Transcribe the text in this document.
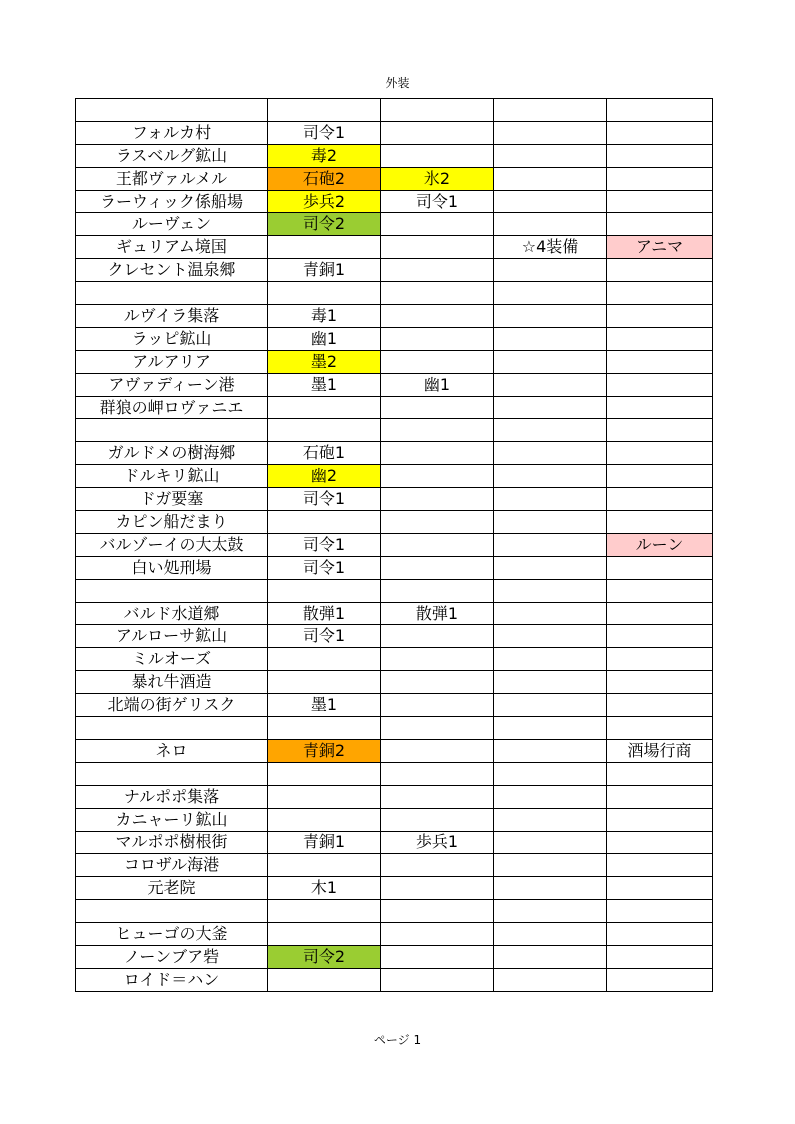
外装

フォルカ村	司令1			
ラスベルグ鉱山	毒2			
王都ヴァルメル	石砲2	氷2		
ラーウィック係船場	歩兵2	司令1		
ルーヴェン	司令2			
ギュリアム境国			☆4装備	アニマ
クレセント温泉郷	青銅1			

ルヴイラ集落	毒1			
ラッピ鉱山	幽1			
アルアリア	墨2			
アヴァディーン港	墨1	幽1		
群狼の岬ロヴァニエ				

ガルドメの樹海郷	石砲1			
ドルキリ鉱山	幽2			
ドガ要塞	司令1			
カピン船だまり				
バルゾーイの大太鼓	司令1			ルーン
白い処刑場	司令1			

バルド水道郷	散弾1	散弾1		
アルローサ鉱山	司令1			
ミルオーズ				
暴れ牛酒造				
北端の街ゲリスク	墨1			

ネロ	青銅2			酒場行商

ナルポポ集落				
カニャーリ鉱山				
マルポポ樹根街	青銅1	歩兵1		
コロザル海港				
元老院	木1			

ヒューゴの大釜				
ノーンブア砦	司令2			
ロイド＝ハン				
ページ 1
